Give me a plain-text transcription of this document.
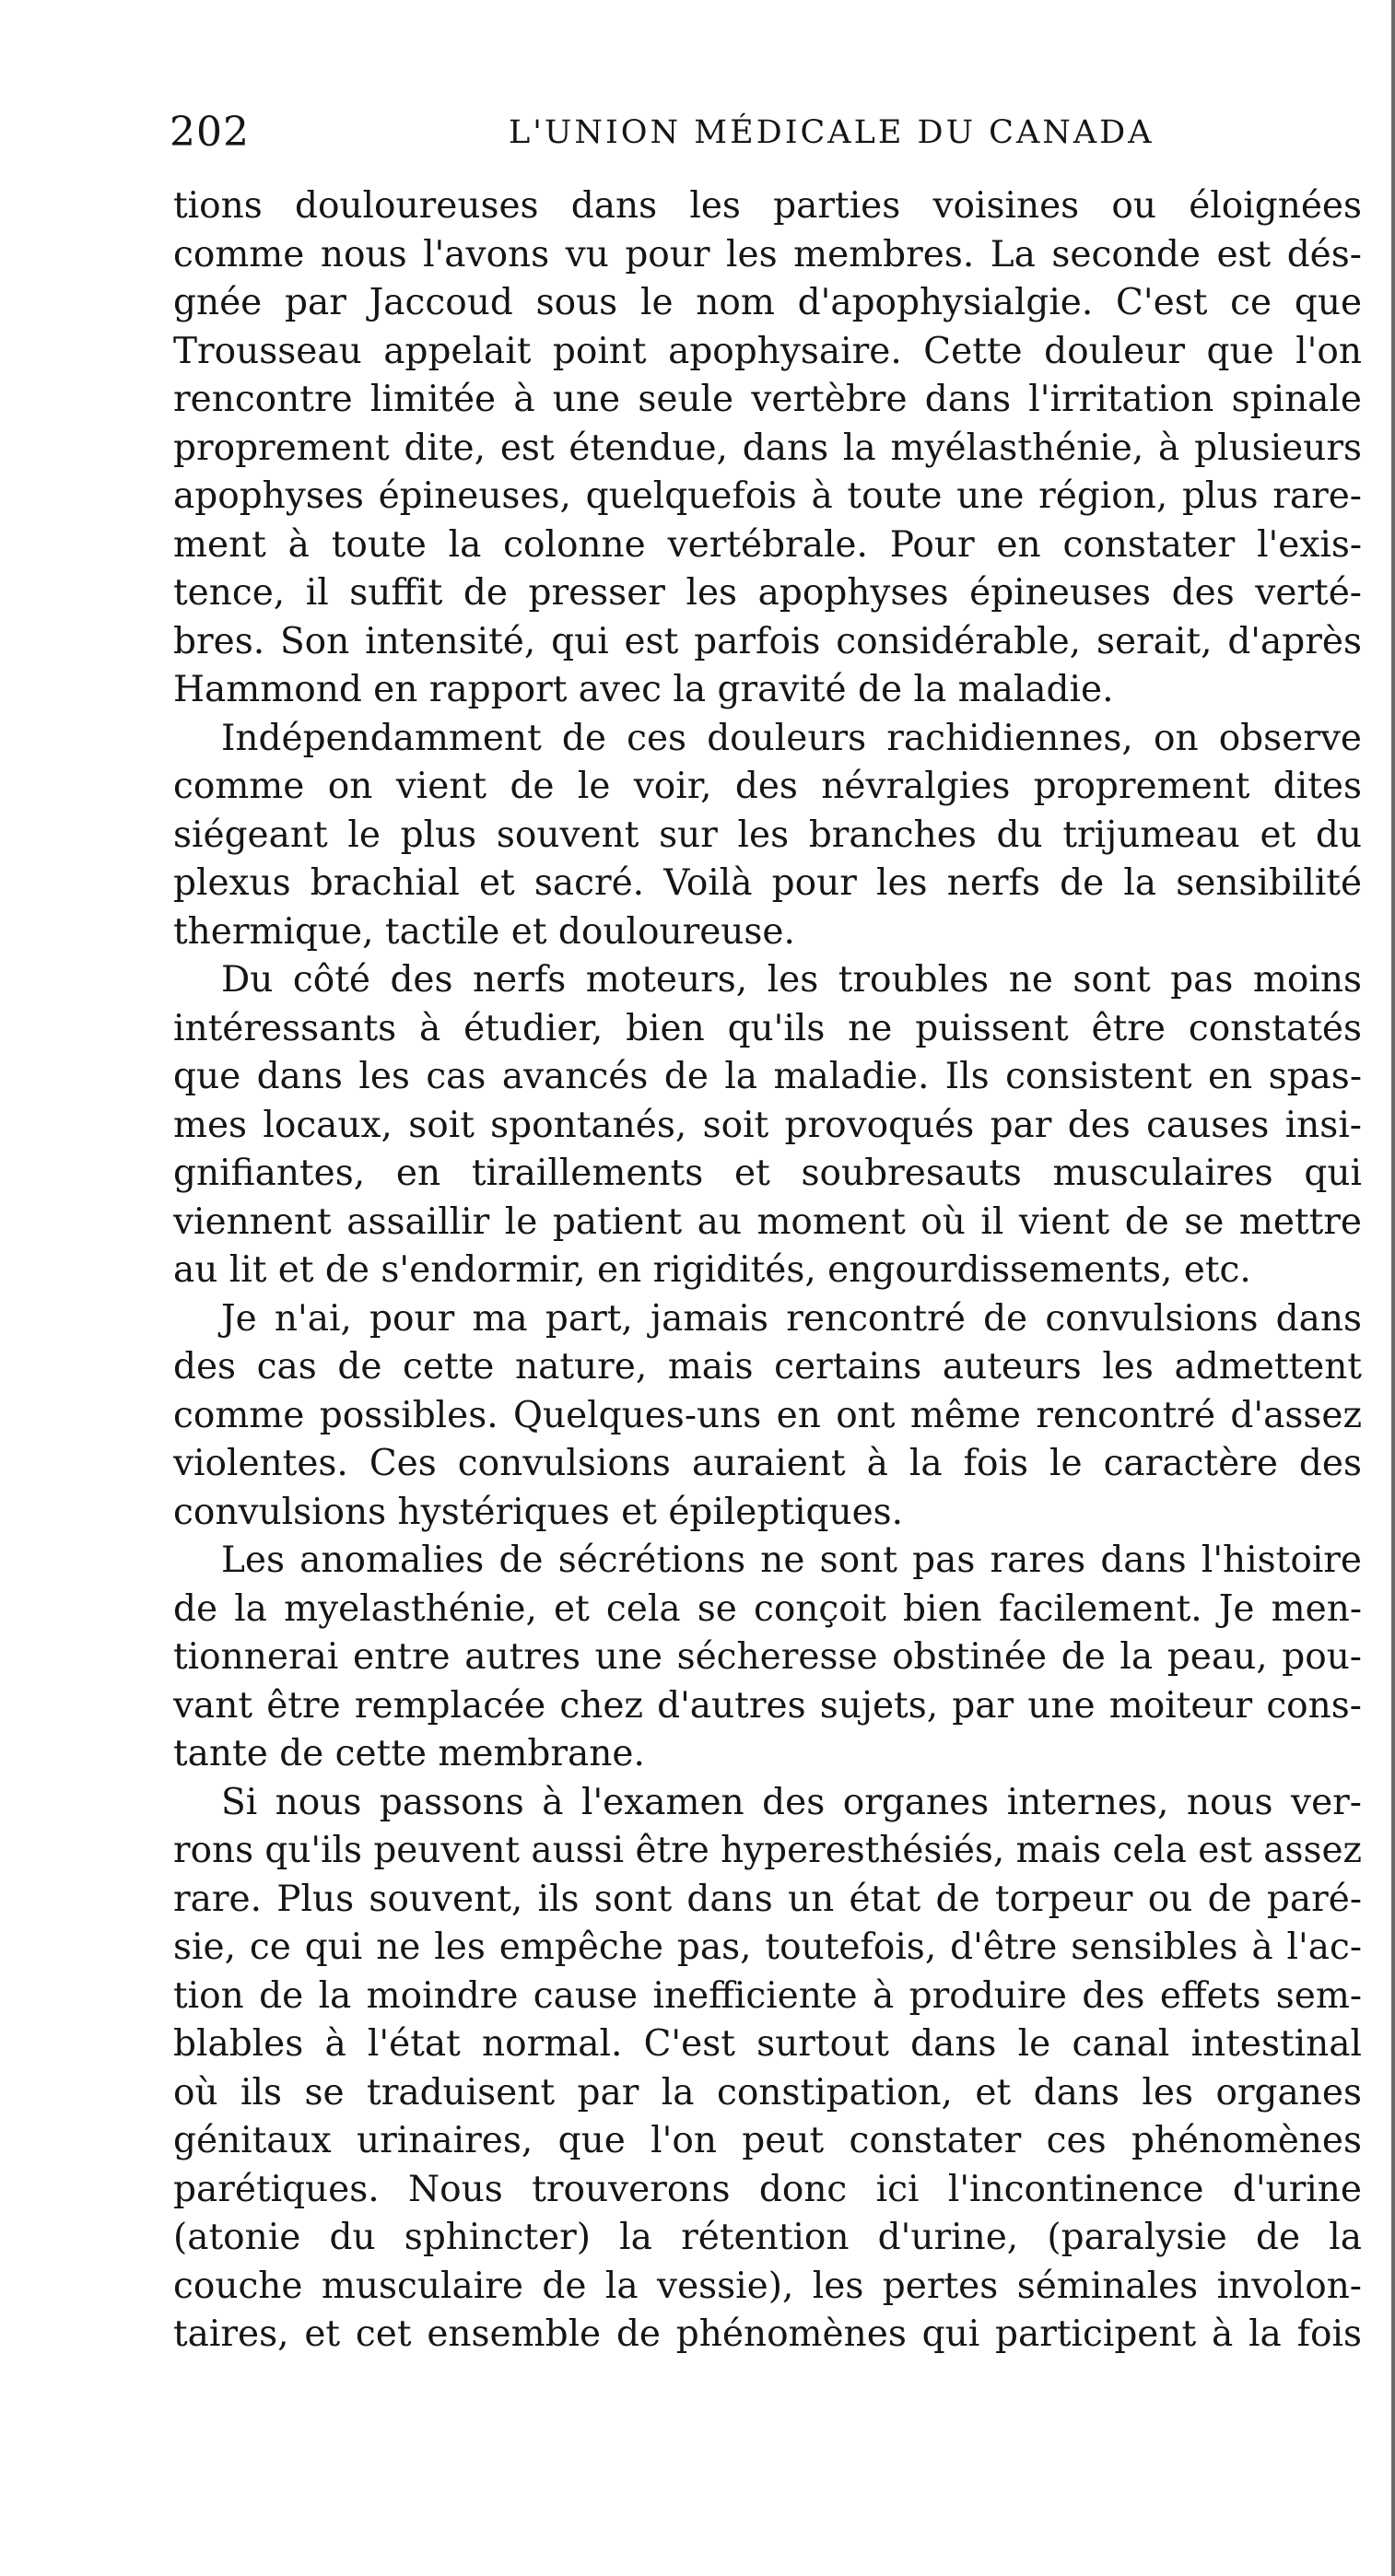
202	L'UNION MÉDICALE DU CANADA
tions douloureuses dans les parties voisines ou éloignées
comme nous l'avons vu pour les membres. La seconde est dés-
gnée par Jaccoud sous le nom d'apophysialgie. C'est ce que
Trousseau appelait point apophysaire. Cette douleur que l'on
rencontre limitée à une seule vertèbre dans l'irritation spinale
proprement dite, est étendue, dans la myélasthénie, à plusieurs
apophyses épineuses, quelquefois à toute une région, plus rare-
ment à toute la colonne vertébrale. Pour en constater l'exis-
tence, il suffit de presser les apophyses épineuses des verté-
bres. Son intensité, qui est parfois considérable, serait, d'après
Hammond en rapport avec la gravité de la maladie.
Indépendamment de ces douleurs rachidiennes, on observe
comme on vient de le voir, des névralgies proprement dites
siégeant le plus souvent sur les branches du trijumeau et du
plexus brachial et sacré. Voilà pour les nerfs de la sensibilité
thermique, tactile et douloureuse.
Du côté des nerfs moteurs, les troubles ne sont pas moins
intéressants à étudier, bien qu'ils ne puissent être constatés
que dans les cas avancés de la maladie. Ils consistent en spas-
mes locaux, soit spontanés, soit provoqués par des causes insi-
gnifiantes, en tiraillements et soubresauts musculaires qui
viennent assaillir le patient au moment où il vient de se mettre
au lit et de s'endormir, en rigidités, engourdissements, etc.
Je n'ai, pour ma part, jamais rencontré de convulsions dans
des cas de cette nature, mais certains auteurs les admettent
comme possibles. Quelques-uns en ont même rencontré d'assez
violentes. Ces convulsions auraient à la fois le caractère des
convulsions hystériques et épileptiques.
Les anomalies de sécrétions ne sont pas rares dans l'histoire
de la myelasthénie, et cela se conçoit bien facilement. Je men-
tionnerai entre autres une sécheresse obstinée de la peau, pou-
vant être remplacée chez d'autres sujets, par une moiteur cons-
tante de cette membrane.
Si nous passons à l'examen des organes internes, nous ver-
rons qu'ils peuvent aussi être hyperesthésiés, mais cela est assez
rare. Plus souvent, ils sont dans un état de torpeur ou de paré-
sie, ce qui ne les empêche pas, toutefois, d'être sensibles à l'ac-
tion de la moindre cause inefficiente à produire des effets sem-
blables à l'état normal. C'est surtout dans le canal intestinal
où ils se traduisent par la constipation, et dans les organes
génitaux urinaires, que l'on peut constater ces phénomènes
parétiques. Nous trouverons donc ici l'incontinence d'urine
(atonie du sphincter) la rétention d'urine, (paralysie de la
couche musculaire de la vessie), les pertes séminales involon-
taires, et cet ensemble de phénomènes qui participent à la fois
